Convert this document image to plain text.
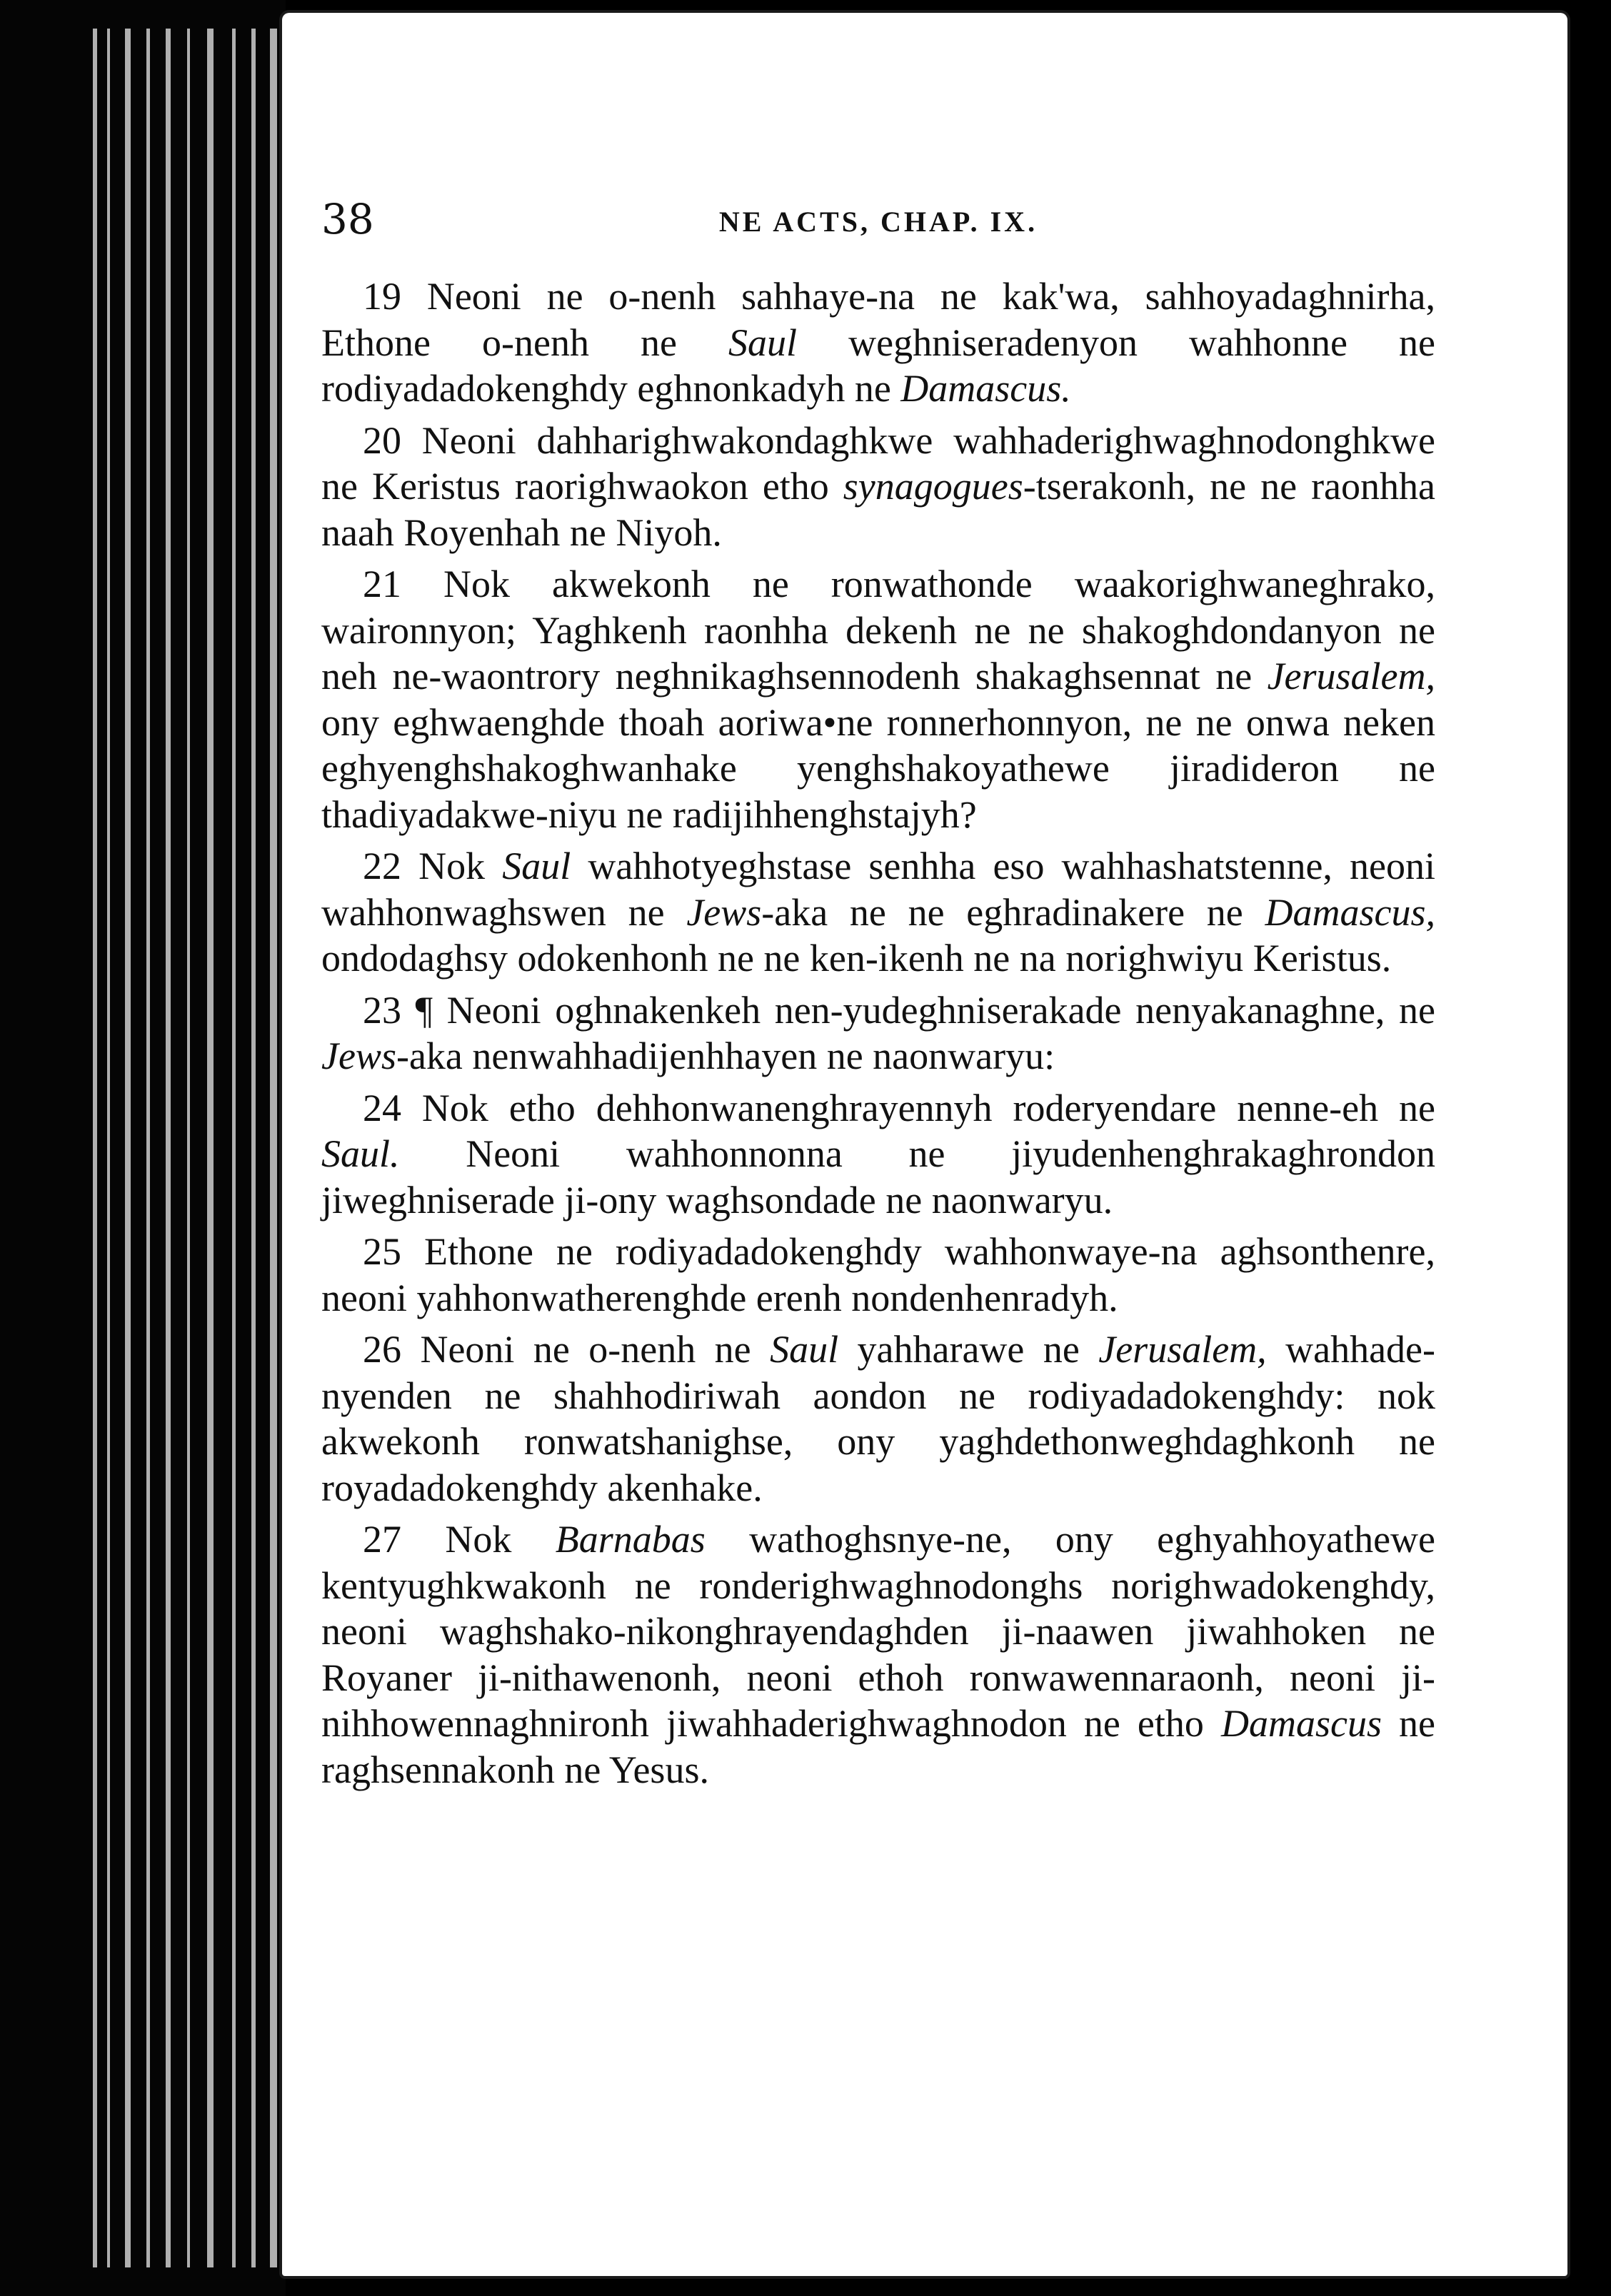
38	NE ACTS, CHAP. IX.

19 Neoni ne o-nenh sahhaye-na ne kak'wa, sahhoyadaghnirha, Ethone o-nenh ne Saul weghniseradenyon wahhonne ne rodiyadadokenghdy eghnonkadyh ne Damascus.

20 Neoni dahharighwakondaghkwe wahhaderighwaghnodonghkwe ne Keristus raorighwaokon etho synagogues-tserakonh, ne ne raonhha naah Royenhah ne Niyoh.

21 Nok akwekonh ne ronwathonde waakorighwaneghrako, waironnyon; Yaghkenh raonhha dekenh ne ne shakoghdondanyon ne neh ne-waontrory neghnikaghsennodenh shakaghsennat ne Jerusalem, ony eghwaenghde thoah aoriwa•ne ronnerhonnyon, ne ne onwa neken eghyenghshakoghwanhake yenghshakoyathewe jiradideron ne thadiyadakwe-niyu ne radijihhenghstajyh?

22 Nok Saul wahhotyeghstase senhha eso wahhashatstenne, neoni wahhonwaghswen ne Jews-aka ne ne eghradinakere ne Damascus, ondodaghsy odokenhonh ne ne ken-ikenh ne na norighwiyu Keristus.

23 ¶ Neoni oghnakenkeh nen-yudeghniserakade nenyakanaghne, ne Jews-aka nenwahhadijenhhayen ne naonwaryu:

24 Nok etho dehhonwanenghrayennyh roderyendare nenne-eh ne Saul. Neoni wahhonnonna ne jiyudenhenghrakaghrondon jiweghniserade ji-ony waghsondade ne naonwaryu.

25 Ethone ne rodiyadadokenghdy wahhonwaye-na aghsonthenre, neoni yahhonwatherenghde erenh nondenhenradyh.

26 Neoni ne o-nenh ne Saul yahharawe ne Jerusalem, wahhade-nyenden ne shahhodiriwah aondon ne rodiyadadokenghdy: nok akwekonh ronwatshanighse, ony yaghdethonweghdaghkonh ne royadadokenghdy akenhake.

27 Nok Barnabas wathoghsnye-ne, ony eghyahhoyathewe kentyughkwakonh ne ronderighwaghnodonghs norighwadokenghdy, neoni waghshako-nikonghrayendaghden ji-naawen jiwahhoken ne Royaner ji-nithawenonh, neoni ethoh ronwawennaraonh, neoni ji-nihhowennaghnironh jiwahhaderighwaghnodon ne etho Damascus ne raghsennakonh ne Yesus.
